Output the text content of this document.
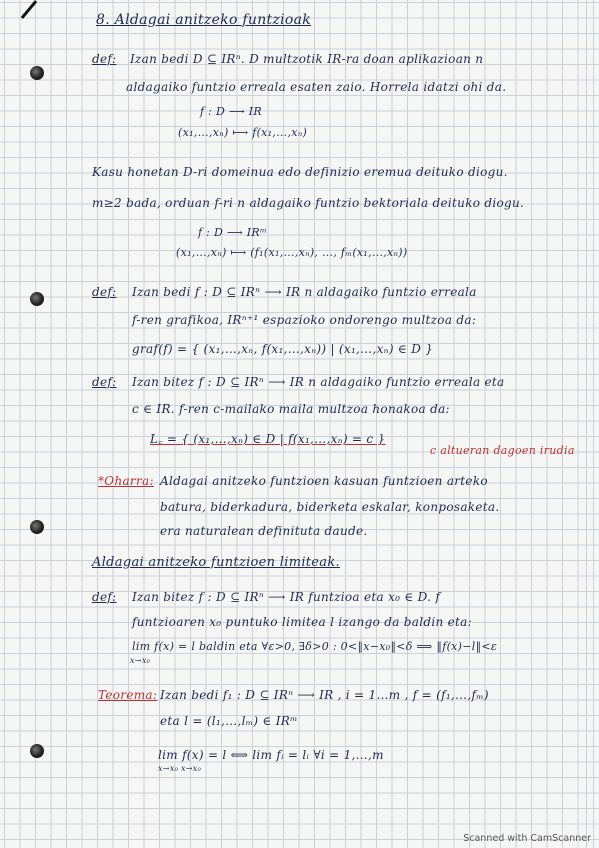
8. Aldagai anitzeko funtzioak
def: Izan bedi D ⊆ IRⁿ. D multzotik IR-ra doan aplikazioan n
aldagaiko funtzio erreala esaten zaio. Horrela idatzi ohi da.
f : D ⟶ IR
(x₁,…,xₙ) ⟼ f(x₁,…,xₙ)
Kasu honetan D-ri domeinua edo definizio eremua deituko diogu.
m≥2 bada, orduan f-ri n aldagaiko funtzio bektoriala deituko diogu.
f : D ⟶ IRᵐ
(x₁,…,xₙ) ⟼ (f₁(x₁,…,xₙ), …, fₘ(x₁,…,xₙ))
def: Izan bedi f : D ⊆ IRⁿ ⟶ IR n aldagaiko funtzio erreala
f-ren grafikoa, IRⁿ⁺¹ espazioko ondorengo multzoa da:
graf(f) = { (x₁,…,xₙ, f(x₁,…,xₙ)) | (x₁,…,xₙ) ∈ D }
def: Izan bitez f : D ⊆ IRⁿ ⟶ IR n aldagaiko funtzio erreala eta
c ∈ IR. f-ren c-mailako maila multzoa honakoa da:
L꜀ = { (x₁,…,xₙ) ∈ D | f(x₁,…,xₙ) = c }
c altueran dagoen irudia
*Oharra: Aldagai anitzeko funtzioen kasuan funtzioen arteko
batura, biderkadura, biderketa eskalar, konposaketa.
era naturalean definituta daude.
Aldagai anitzeko funtzioen limiteak.
def: Izan bitez f : D ⊆ IRⁿ ⟶ IR funtzioa eta x₀ ∈ D. f
funtzioaren x₀ puntuko limitea l izango da baldin eta:
lim f(x) = l baldin eta ∀ε>0, ∃δ>0 : 0<‖x−x₀‖<δ ⟹ ‖f(x)−l‖<ε
x→x₀
Teorema: Izan bedi f₁ : D ⊆ IRⁿ ⟶ IR , i = 1…m , f = (f₁,…,fₘ)
eta l = (l₁,…,lₘ) ∈ IRᵐ
lim f(x) = l ⟺ lim fᵢ = lᵢ ∀i = 1,…,m
x→x₀ x→x₀
Scanned with CamScanner
